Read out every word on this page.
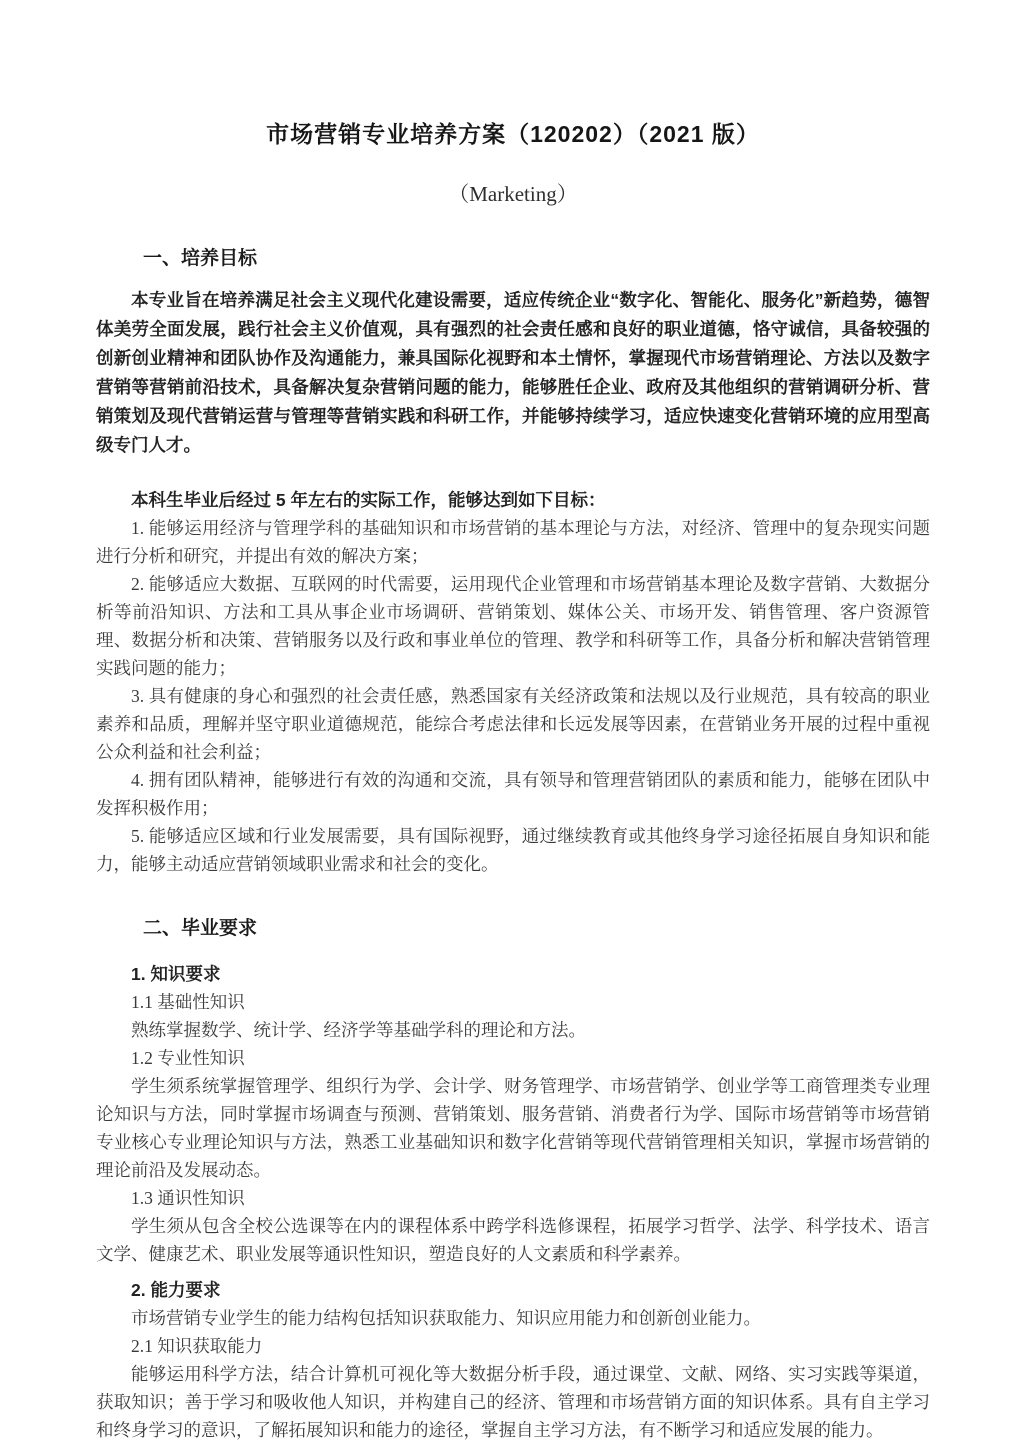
市场营销专业培养方案（120202）（2021 版）
（Marketing）
一、培养目标

本专业旨在培养满足社会主义现代化建设需要，适应传统企业“数字化、智能化、服务化”新趋势，德智体美劳全面发展，践行社会主义价值观，具有强烈的社会责任感和良好的职业道德，恪守诚信，具备较强的创新创业精神和团队协作及沟通能力，兼具国际化视野和本土情怀，掌握现代市场营销理论、方法以及数字营销等营销前沿技术，具备解决复杂营销问题的能力，能够胜任企业、政府及其他组织的营销调研分析、营销策划及现代营销运营与管理等营销实践和科研工作，并能够持续学习，适应快速变化营销环境的应用型高级专门人才。

本科生毕业后经过 5 年左右的实际工作，能够达到如下目标：

1. 能够运用经济与管理学科的基础知识和市场营销的基本理论与方法，对经济、管理中的复杂现实问题进行分析和研究，并提出有效的解决方案；

2. 能够适应大数据、互联网的时代需要，运用现代企业管理和市场营销基本理论及数字营销、大数据分析等前沿知识、方法和工具从事企业市场调研、营销策划、媒体公关、市场开发、销售管理、客户资源管理、数据分析和决策、营销服务以及行政和事业单位的管理、教学和科研等工作，具备分析和解决营销管理实践问题的能力；

3. 具有健康的身心和强烈的社会责任感，熟悉国家有关经济政策和法规以及行业规范，具有较高的职业素养和品质，理解并坚守职业道德规范，能综合考虑法律和长远发展等因素，在营销业务开展的过程中重视公众利益和社会利益；

4. 拥有团队精神，能够进行有效的沟通和交流，具有领导和管理营销团队的素质和能力，能够在团队中发挥积极作用；

5. 能够适应区域和行业发展需要，具有国际视野，通过继续教育或其他终身学习途径拓展自身知识和能力，能够主动适应营销领域职业需求和社会的变化。

二、毕业要求
1. 知识要求

1.1 基础性知识

熟练掌握数学、统计学、经济学等基础学科的理论和方法。

1.2 专业性知识

学生须系统掌握管理学、组织行为学、会计学、财务管理学、市场营销学、创业学等工商管理类专业理论知识与方法，同时掌握市场调查与预测、营销策划、服务营销、消费者行为学、国际市场营销等市场营销专业核心专业理论知识与方法，熟悉工业基础知识和数字化营销等现代营销管理相关知识，掌握市场营销的理论前沿及发展动态。

1.3 通识性知识

学生须从包含全校公选课等在内的课程体系中跨学科选修课程，拓展学习哲学、法学、科学技术、语言文学、健康艺术、职业发展等通识性知识，塑造良好的人文素质和科学素养。

2. 能力要求

市场营销专业学生的能力结构包括知识获取能力、知识应用能力和创新创业能力。

2.1 知识获取能力

能够运用科学方法，结合计算机可视化等大数据分析手段，通过课堂、文献、网络、实习实践等渠道，获取知识；善于学习和吸收他人知识，并构建自己的经济、管理和市场营销方面的知识体系。具有自主学习和终身学习的意识，了解拓展知识和能力的途径，掌握自主学习方法，有不断学习和适应发展的能力。
